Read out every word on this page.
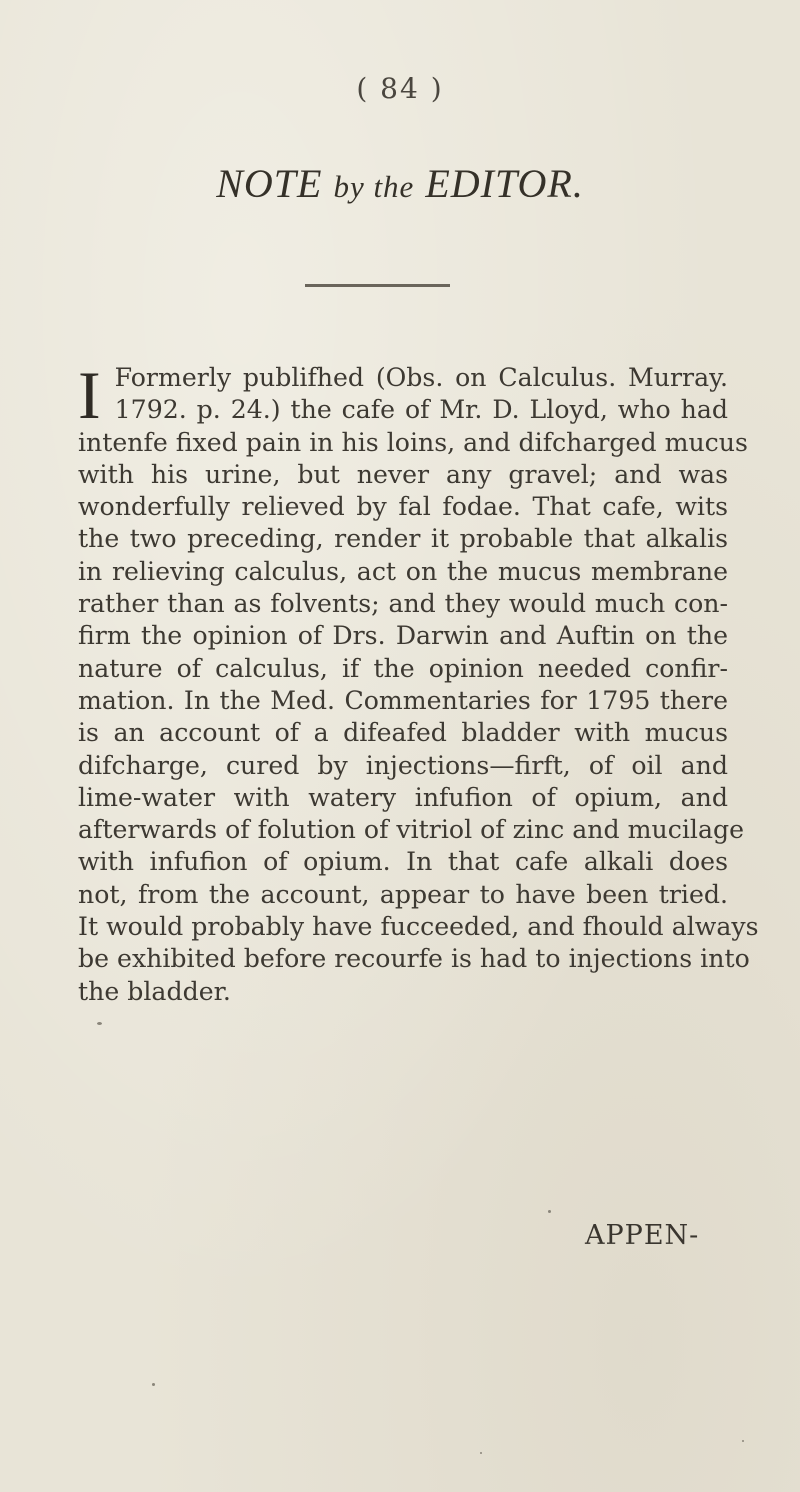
( 84 )
NOTE by the EDITOR.
I Formerly publifhed (Obs. on Calculus. Murray.
1792. p. 24.) the cafe of Mr. D. Lloyd, who had
intenfe fixed pain in his loins, and difcharged mucus
with his urine, but never any gravel; and was
wonderfully relieved by fal fodae. That cafe, wits
the two preceding, render it probable that alkalis
in relieving calculus, act on the mucus membrane
rather than as folvents; and they would much con-
firm the opinion of Drs. Darwin and Auftin on the
nature of calculus, if the opinion needed confir-
mation. In the Med. Commentaries for 1795 there
is an account of a difeafed bladder with mucus
difcharge, cured by injections—firft, of oil and
lime-water with watery infufion of opium, and
afterwards of folution of vitriol of zinc and mucilage
with infufion of opium. In that cafe alkali does
not, from the account, appear to have been tried.
It would probably have fucceeded, and fhould always
be exhibited before recourfe is had to injections into
the bladder.
APPEN-
